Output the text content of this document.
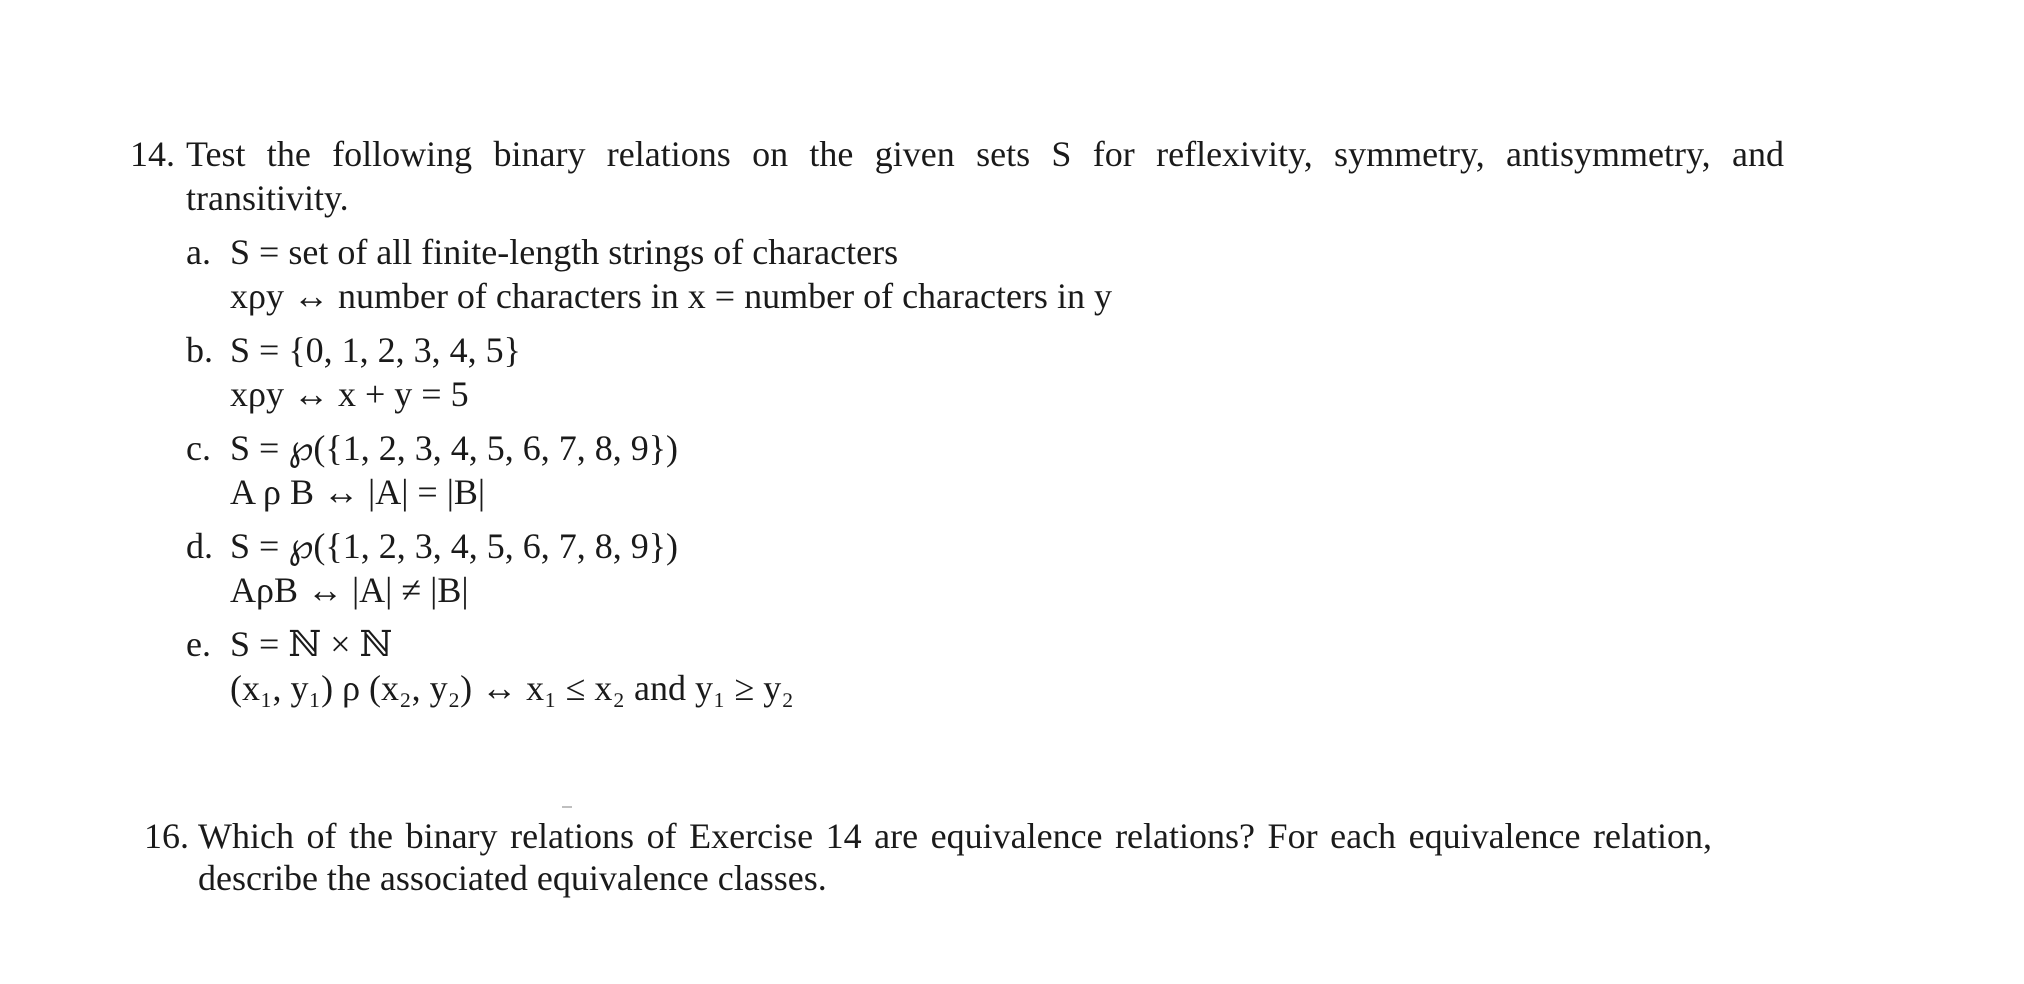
14. Test the following binary relations on the given sets S for reflexivity, symmetry, antisymmetry, and
transitivity.
a. S = set of all finite-length strings of characters
xρy ↔ number of characters in x = number of characters in y
b. S = {0, 1, 2, 3, 4, 5}
xρy ↔ x + y = 5
c. S = ℘({1, 2, 3, 4, 5, 6, 7, 8, 9})
A ρ B ↔ |A| = |B|
d. S = ℘({1, 2, 3, 4, 5, 6, 7, 8, 9})
AρB ↔ |A| ≠ |B|
e. S = ℕ × ℕ
(x₁, y₁) ρ (x₂, y₂) ↔ x₁ ≤ x₂ and y₁ ≥ y₂
16. Which of the binary relations of Exercise 14 are equivalence relations? For each equivalence relation,
describe the associated equivalence classes.
